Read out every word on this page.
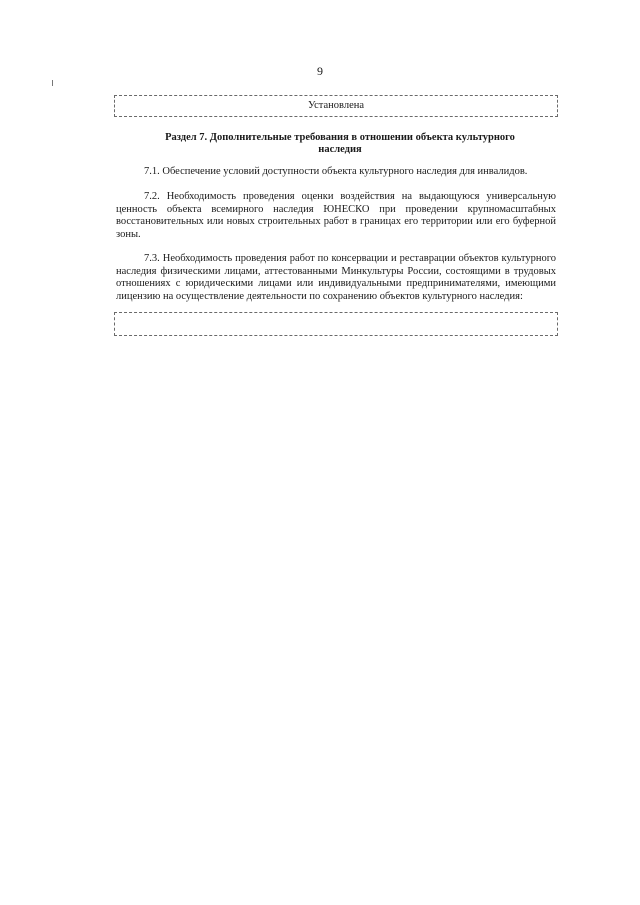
9
Установлена
Раздел 7. Дополнительные требования в отношении объекта культурного наследия

7.1. Обеспечение условий доступности объекта культурного наследия для инвалидов.

7.2. Необходимость проведения оценки воздействия на выдающуюся универсальную ценность объекта всемирного наследия ЮНЕСКО при проведении крупномасштабных восстановительных или новых строительных работ в границах его территории или его буферной зоны.

7.3. Необходимость проведения работ по консервации и реставрации объектов культурного наследия физическими лицами, аттестованными Минкультуры России, состоящими в трудовых отношениях с юридическими лицами или индивидуальными предпринимателями, имеющими лицензию на осуществление деятельности по сохранению объектов культурного наследия:
